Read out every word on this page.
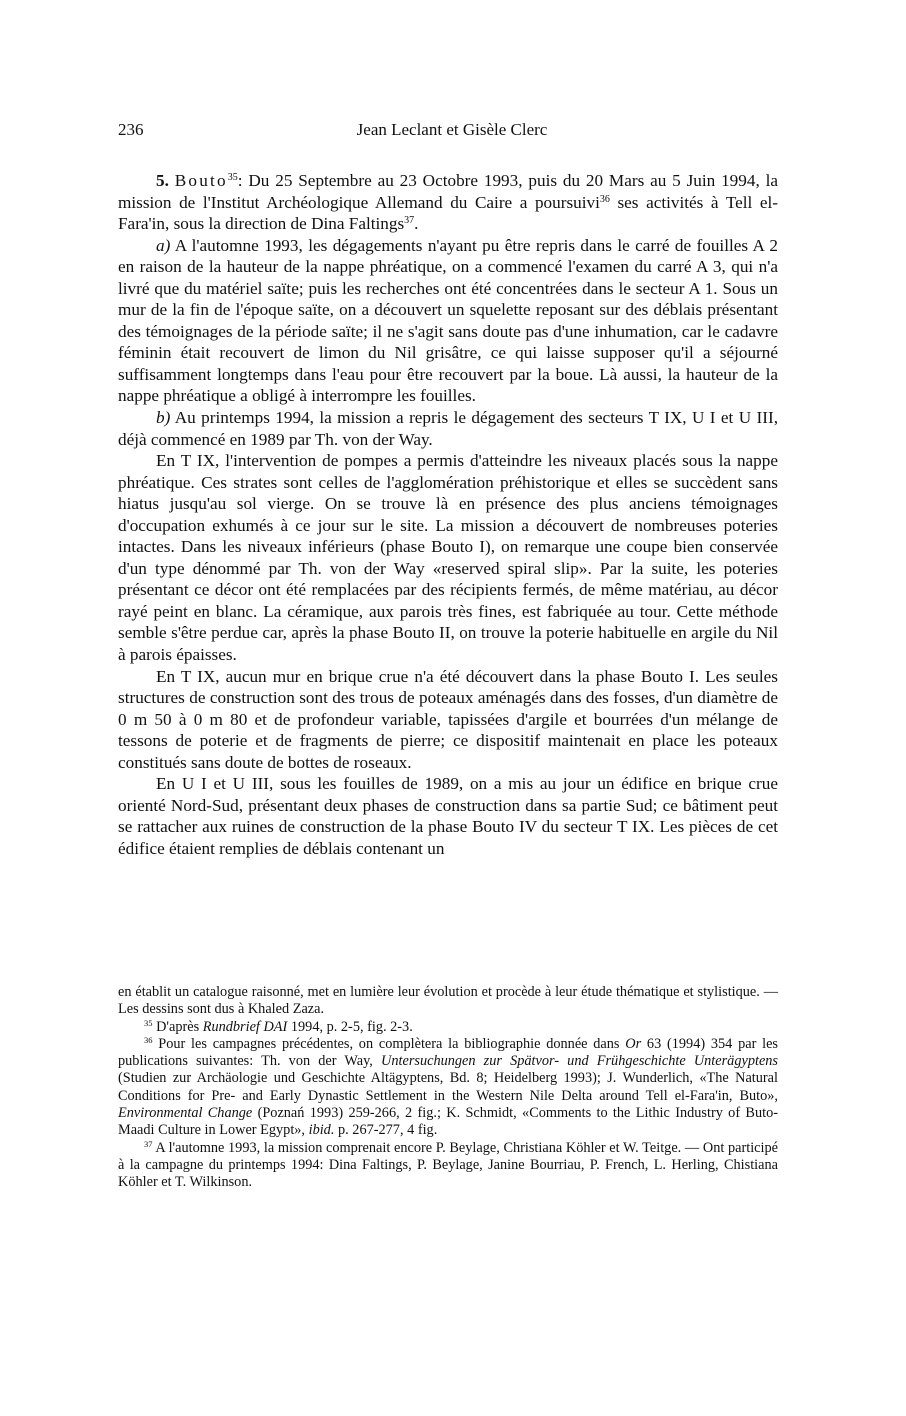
236	Jean Leclant et Gisèle Clerc

5. Bouto$^{35}$: Du 25 Septembre au 23 Octobre 1993, puis du 20 Mars au 5 Juin 1994, la mission de l'Institut Archéologique Allemand du Caire a poursuivi$^{36}$ ses activités à Tell el-Fara'in, sous la direction de Dina Faltings$^{37}$.

a) A l'automne 1993, les dégagements n'ayant pu être repris dans le carré de fouilles A 2 en raison de la hauteur de la nappe phréatique, on a commencé l'examen du carré A 3, qui n'a livré que du matériel saïte; puis les recherches ont été concentrées dans le secteur A 1. Sous un mur de la fin de l'époque saïte, on a découvert un squelette reposant sur des déblais présentant des témoignages de la période saïte; il ne s'agit sans doute pas d'une inhumation, car le cadavre féminin était recouvert de limon du Nil grisâtre, ce qui laisse supposer qu'il a séjourné suffisamment longtemps dans l'eau pour être recouvert par la boue. Là aussi, la hauteur de la nappe phréatique a obligé à interrompre les fouilles.

b) Au printemps 1994, la mission a repris le dégagement des secteurs T IX, U I et U III, déjà commencé en 1989 par Th. von der Way.

En T IX, l'intervention de pompes a permis d'atteindre les niveaux placés sous la nappe phréatique. Ces strates sont celles de l'agglomération préhistorique et elles se succèdent sans hiatus jusqu'au sol vierge. On se trouve là en présence des plus anciens témoignages d'occupation exhumés à ce jour sur le site. La mission a découvert de nombreuses poteries intactes. Dans les niveaux inférieurs (phase Bouto I), on remarque une coupe bien conservée d'un type dénommé par Th. von der Way «reserved spiral slip». Par la suite, les poteries présentant ce décor ont été remplacées par des récipients fermés, de même matériau, au décor rayé peint en blanc. La céramique, aux parois très fines, est fabriquée au tour. Cette méthode semble s'être perdue car, après la phase Bouto II, on trouve la poterie habituelle en argile du Nil à parois épaisses.

En T IX, aucun mur en brique crue n'a été découvert dans la phase Bouto I. Les seules structures de construction sont des trous de poteaux aménagés dans des fosses, d'un diamètre de 0 m 50 à 0 m 80 et de profondeur variable, tapissées d'argile et bourrées d'un mélange de tessons de poterie et de fragments de pierre; ce dispositif maintenait en place les poteaux constitués sans doute de bottes de roseaux.

En U I et U III, sous les fouilles de 1989, on a mis au jour un édifice en brique crue orienté Nord-Sud, présentant deux phases de construction dans sa partie Sud; ce bâtiment peut se rattacher aux ruines de construction de la phase Bouto IV du secteur T IX. Les pièces de cet édifice étaient remplies de déblais contenant un

en établit un catalogue raisonné, met en lumière leur évolution et procède à leur étude thématique et stylistique. — Les dessins sont dus à Khaled Zaza.

$^{35}$ D'après Rundbrief DAI 1994, p. 2-5, fig. 2-3.

$^{36}$ Pour les campagnes précédentes, on complètera la bibliographie donnée dans Or 63 (1994) 354 par les publications suivantes: Th. von der Way, Untersuchungen zur Spätvor- und Frühgeschichte Unterägyptens (Studien zur Archäologie und Geschichte Altägyptens, Bd. 8; Heidelberg 1993); J. Wunderlich, «The Natural Conditions for Pre- and Early Dynastic Settlement in the Western Nile Delta around Tell el-Fara'in, Buto», Environmental Change (Poznań 1993) 259-266, 2 fig.; K. Schmidt, «Comments to the Lithic Industry of Buto-Maadi Culture in Lower Egypt», ibid. p. 267-277, 4 fig.

$^{37}$ A l'automne 1993, la mission comprenait encore P. Beylage, Christiana Köhler et W. Teitge. — Ont participé à la campagne du printemps 1994: Dina Faltings, P. Beylage, Janine Bourriau, P. French, L. Herling, Chistiana Köhler et T. Wilkinson.
